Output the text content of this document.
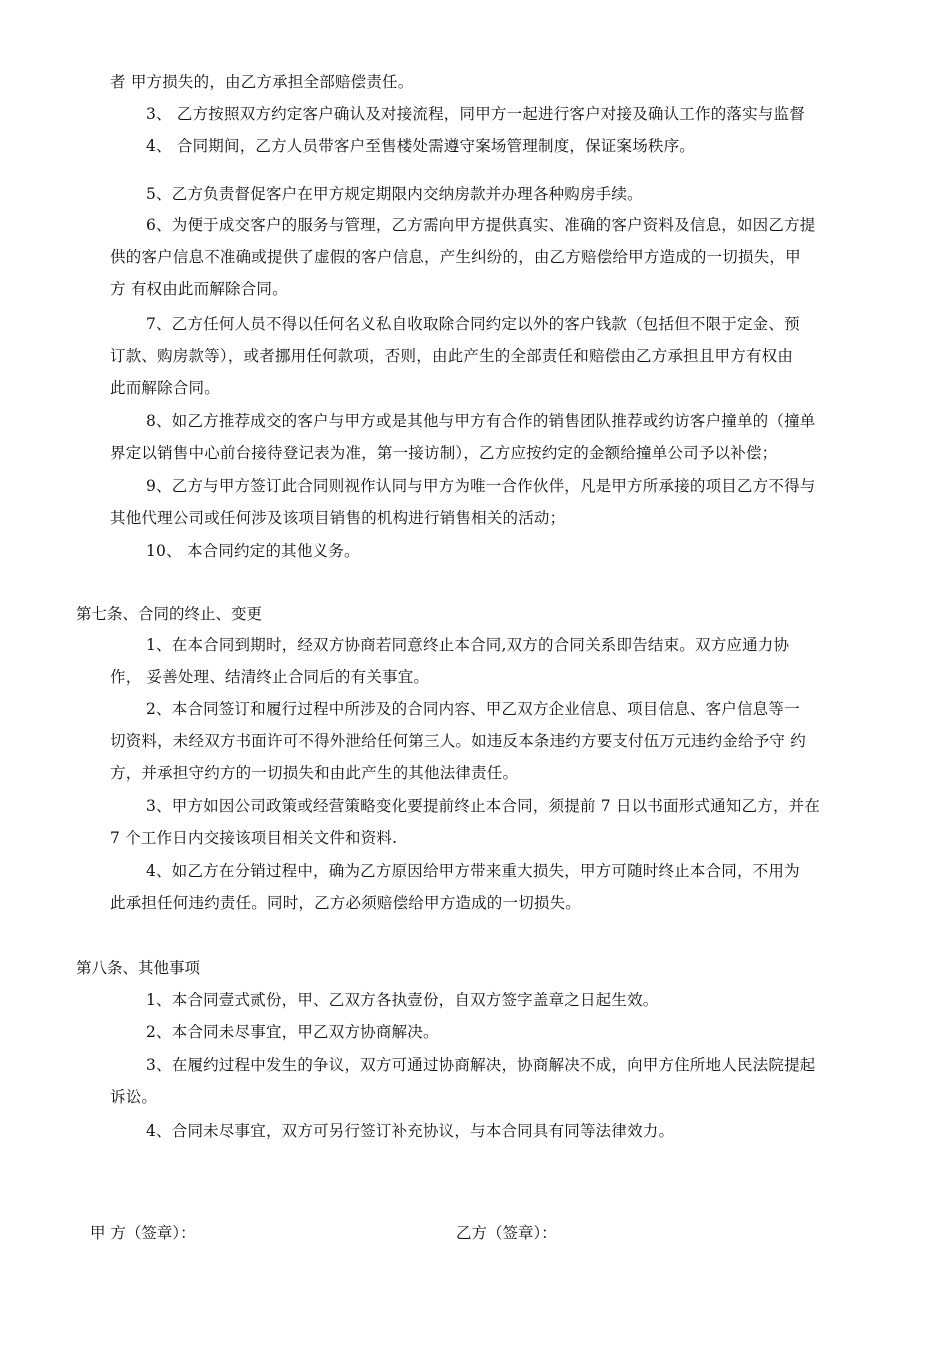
者 甲方损失的，由乙方承担全部赔偿责任。
3、 乙方按照双方约定客户确认及对接流程，同甲方一起进行客户对接及确认工作的落实与监督
4、 合同期间，乙方人员带客户至售楼处需遵守案场管理制度，保证案场秩序。
5、乙方负责督促客户在甲方规定期限内交纳房款并办理各种购房手续。
6、为便于成交客户的服务与管理，乙方需向甲方提供真实、准确的客户资料及信息，如因乙方提
供的客户信息不准确或提供了虚假的客户信息，产生纠纷的，由乙方赔偿给甲方造成的一切损失，甲
方 有权由此而解除合同。
7、乙方任何人员不得以任何名义私自收取除合同约定以外的客户钱款（包括但不限于定金、预
订款、购房款等），或者挪用任何款项，否则，由此产生的全部责任和赔偿由乙方承担且甲方有权由
此而解除合同。
8、如乙方推荐成交的客户与甲方或是其他与甲方有合作的销售团队推荐或约访客户撞单的（撞单
界定以销售中心前台接待登记表为准，第一接访制），乙方应按约定的金额给撞单公司予以补偿；
9、乙方与甲方签订此合同则视作认同与甲方为唯一合作伙伴，凡是甲方所承接的项目乙方不得与
其他代理公司或任何涉及该项目销售的机构进行销售相关的活动；
10、 本合同约定的其他义务。
第七条、合同的终止、变更
1、在本合同到期时，经双方协商若同意终止本合同,双方的合同关系即告结束。双方应通力协
作， 妥善处理、结清终止合同后的有关事宜。
2、本合同签订和履行过程中所涉及的合同内容、甲乙双方企业信息、项目信息、客户信息等一
切资料，未经双方书面许可不得外泄给任何第三人。如违反本条违约方要支付伍万元违约金给予守 约
方，并承担守约方的一切损失和由此产生的其他法律责任。
3、甲方如因公司政策或经营策略变化要提前终止本合同，须提前 7 日以书面形式通知乙方，并在
7 个工作日内交接该项目相关文件和资料.
4、如乙方在分销过程中，确为乙方原因给甲方带来重大损失，甲方可随时终止本合同，不用为
此承担任何违约责任。同时，乙方必须赔偿给甲方造成的一切损失。
第八条、其他事项
1、本合同壹式贰份，甲、乙双方各执壹份，自双方签字盖章之日起生效。
2、本合同未尽事宜，甲乙双方协商解决。
3、在履约过程中发生的争议，双方可通过协商解决，协商解决不成，向甲方住所地人民法院提起
诉讼。
4、合同未尽事宜，双方可另行签订补充协议，与本合同具有同等法律效力。
甲 方（签章）：	乙方（签章）：
